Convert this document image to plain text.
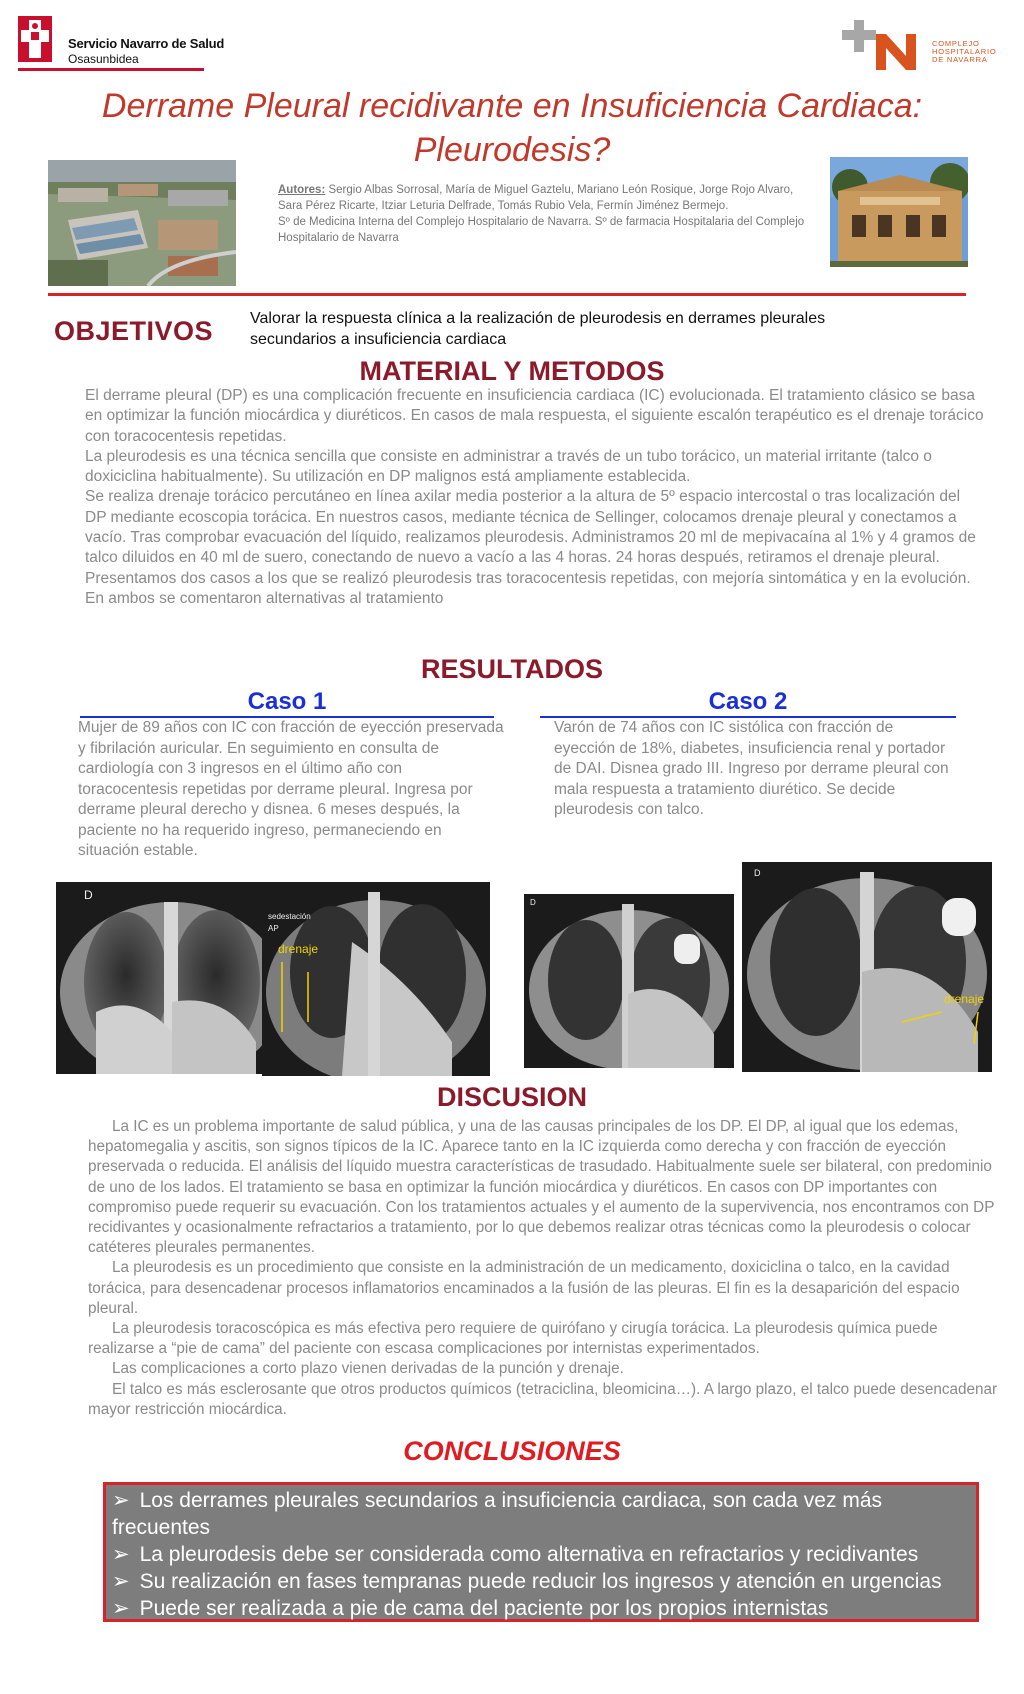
Servicio Navarro de Salud
Osasunbidea
COMPLEJO
HOSPITALARIO
DE NAVARRA
Derrame Pleural recidivante en Insuficiencia Cardiaca: Pleurodesis?
Autores: Sergio Albas Sorrosal, María de Miguel Gaztelu, Mariano León Rosique, Jorge Rojo Alvaro, Sara Pérez Ricarte, Itziar Leturia Delfrade, Tomás Rubio Vela, Fermín Jiménez Bermejo.
Sº de Medicina Interna del Complejo Hospitalario de Navarra. Sº de farmacia Hospitalaria del Complejo Hospitalario de Navarra
OBJETIVOS Valorar la respuesta clínica a la realización de pleurodesis en derrames pleurales secundarios a insuficiencia cardiaca
MATERIAL Y METODOS

El derrame pleural (DP) es una complicación frecuente en insuficiencia cardiaca (IC) evolucionada. El tratamiento clásico se basa en optimizar la función miocárdica y diuréticos. En casos de mala respuesta, el siguiente escalón terapéutico es el drenaje torácico con toracocentesis repetidas.

La pleurodesis es una técnica sencilla que consiste en administrar a través de un tubo torácico, un material irritante (talco o doxiciclina habitualmente). Su utilización en DP malignos está ampliamente establecida.

Se realiza drenaje torácico percutáneo en línea axilar media posterior a la altura de 5º espacio intercostal o tras localización del DP mediante ecoscopia torácica. En nuestros casos, mediante técnica de Sellinger, colocamos drenaje pleural y conectamos a vacío. Tras comprobar evacuación del líquido, realizamos pleurodesis. Administramos 20 ml de mepivacaína al 1% y 4 gramos de talco diluidos en 40 ml de suero, conectando de nuevo a vacío a las 4 horas. 24 horas después, retiramos el drenaje pleural.

Presentamos dos casos a los que se realizó pleurodesis tras toracocentesis repetidas, con mejoría sintomática y en la evolución. En ambos se comentaron alternativas al tratamiento

RESULTADOS
Caso 1
Mujer de 89 años con IC con fracción de eyección preservada y fibrilación auricular. En seguimiento en consulta de cardiología con 3 ingresos en el último año con toracocentesis repetidas por derrame pleural. Ingresa por derrame pleural derecho y disnea. 6 meses después, la paciente no ha requerido ingreso, permaneciendo en situación estable.
Caso 2
Varón de 74 años con IC sistólica con fracción de eyección de 18%, diabetes, insuficiencia renal y portador de DAI. Disnea grado III. Ingreso por derrame pleural con mala respuesta a tratamiento diurético. Se decide pleurodesis con talco.
D
sedestación
AP
drenaje
D
D
drenaje
DISCUSION

La IC es un problema importante de salud pública, y una de las causas principales de los DP. El DP, al igual que los edemas, hepatomegalia y ascitis, son signos típicos de la IC. Aparece tanto en la IC izquierda como derecha y con fracción de eyección preservada o reducida. El análisis del líquido muestra características de trasudado. Habitualmente suele ser bilateral, con predominio de uno de los lados. El tratamiento se basa en optimizar la función miocárdica y diuréticos. En casos con DP importantes con compromiso puede requerir su evacuación. Con los tratamientos actuales y el aumento de la supervivencia, nos encontramos con DP recidivantes y ocasionalmente refractarios a tratamiento, por lo que debemos realizar otras técnicas como la pleurodesis o colocar catéteres pleurales permanentes.

La pleurodesis es un procedimiento que consiste en la administración de un medicamento, doxiciclina o talco, en la cavidad torácica, para desencadenar procesos inflamatorios encaminados a la fusión de las pleuras. El fin es la desaparición del espacio pleural.

La pleurodesis toracoscópica es más efectiva pero requiere de quirófano y cirugía torácica. La pleurodesis química puede realizarse a “pie de cama” del paciente con escasa complicaciones por internistas experimentados.

Las complicaciones a corto plazo vienen derivadas de la punción y drenaje.

El talco es más esclerosante que otros productos químicos (tetraciclina, bleomicina…). A largo plazo, el talco puede desencadenar mayor restricción miocárdica.

CONCLUSIONES
➢ Los derrames pleurales secundarios a insuficiencia cardiaca, son cada vez más frecuentes
➢ La pleurodesis debe ser considerada como alternativa en refractarios y recidivantes
➢ Su realización en fases tempranas puede reducir los ingresos y atención en urgencias
➢ Puede ser realizada a pie de cama del paciente por los propios internistas
